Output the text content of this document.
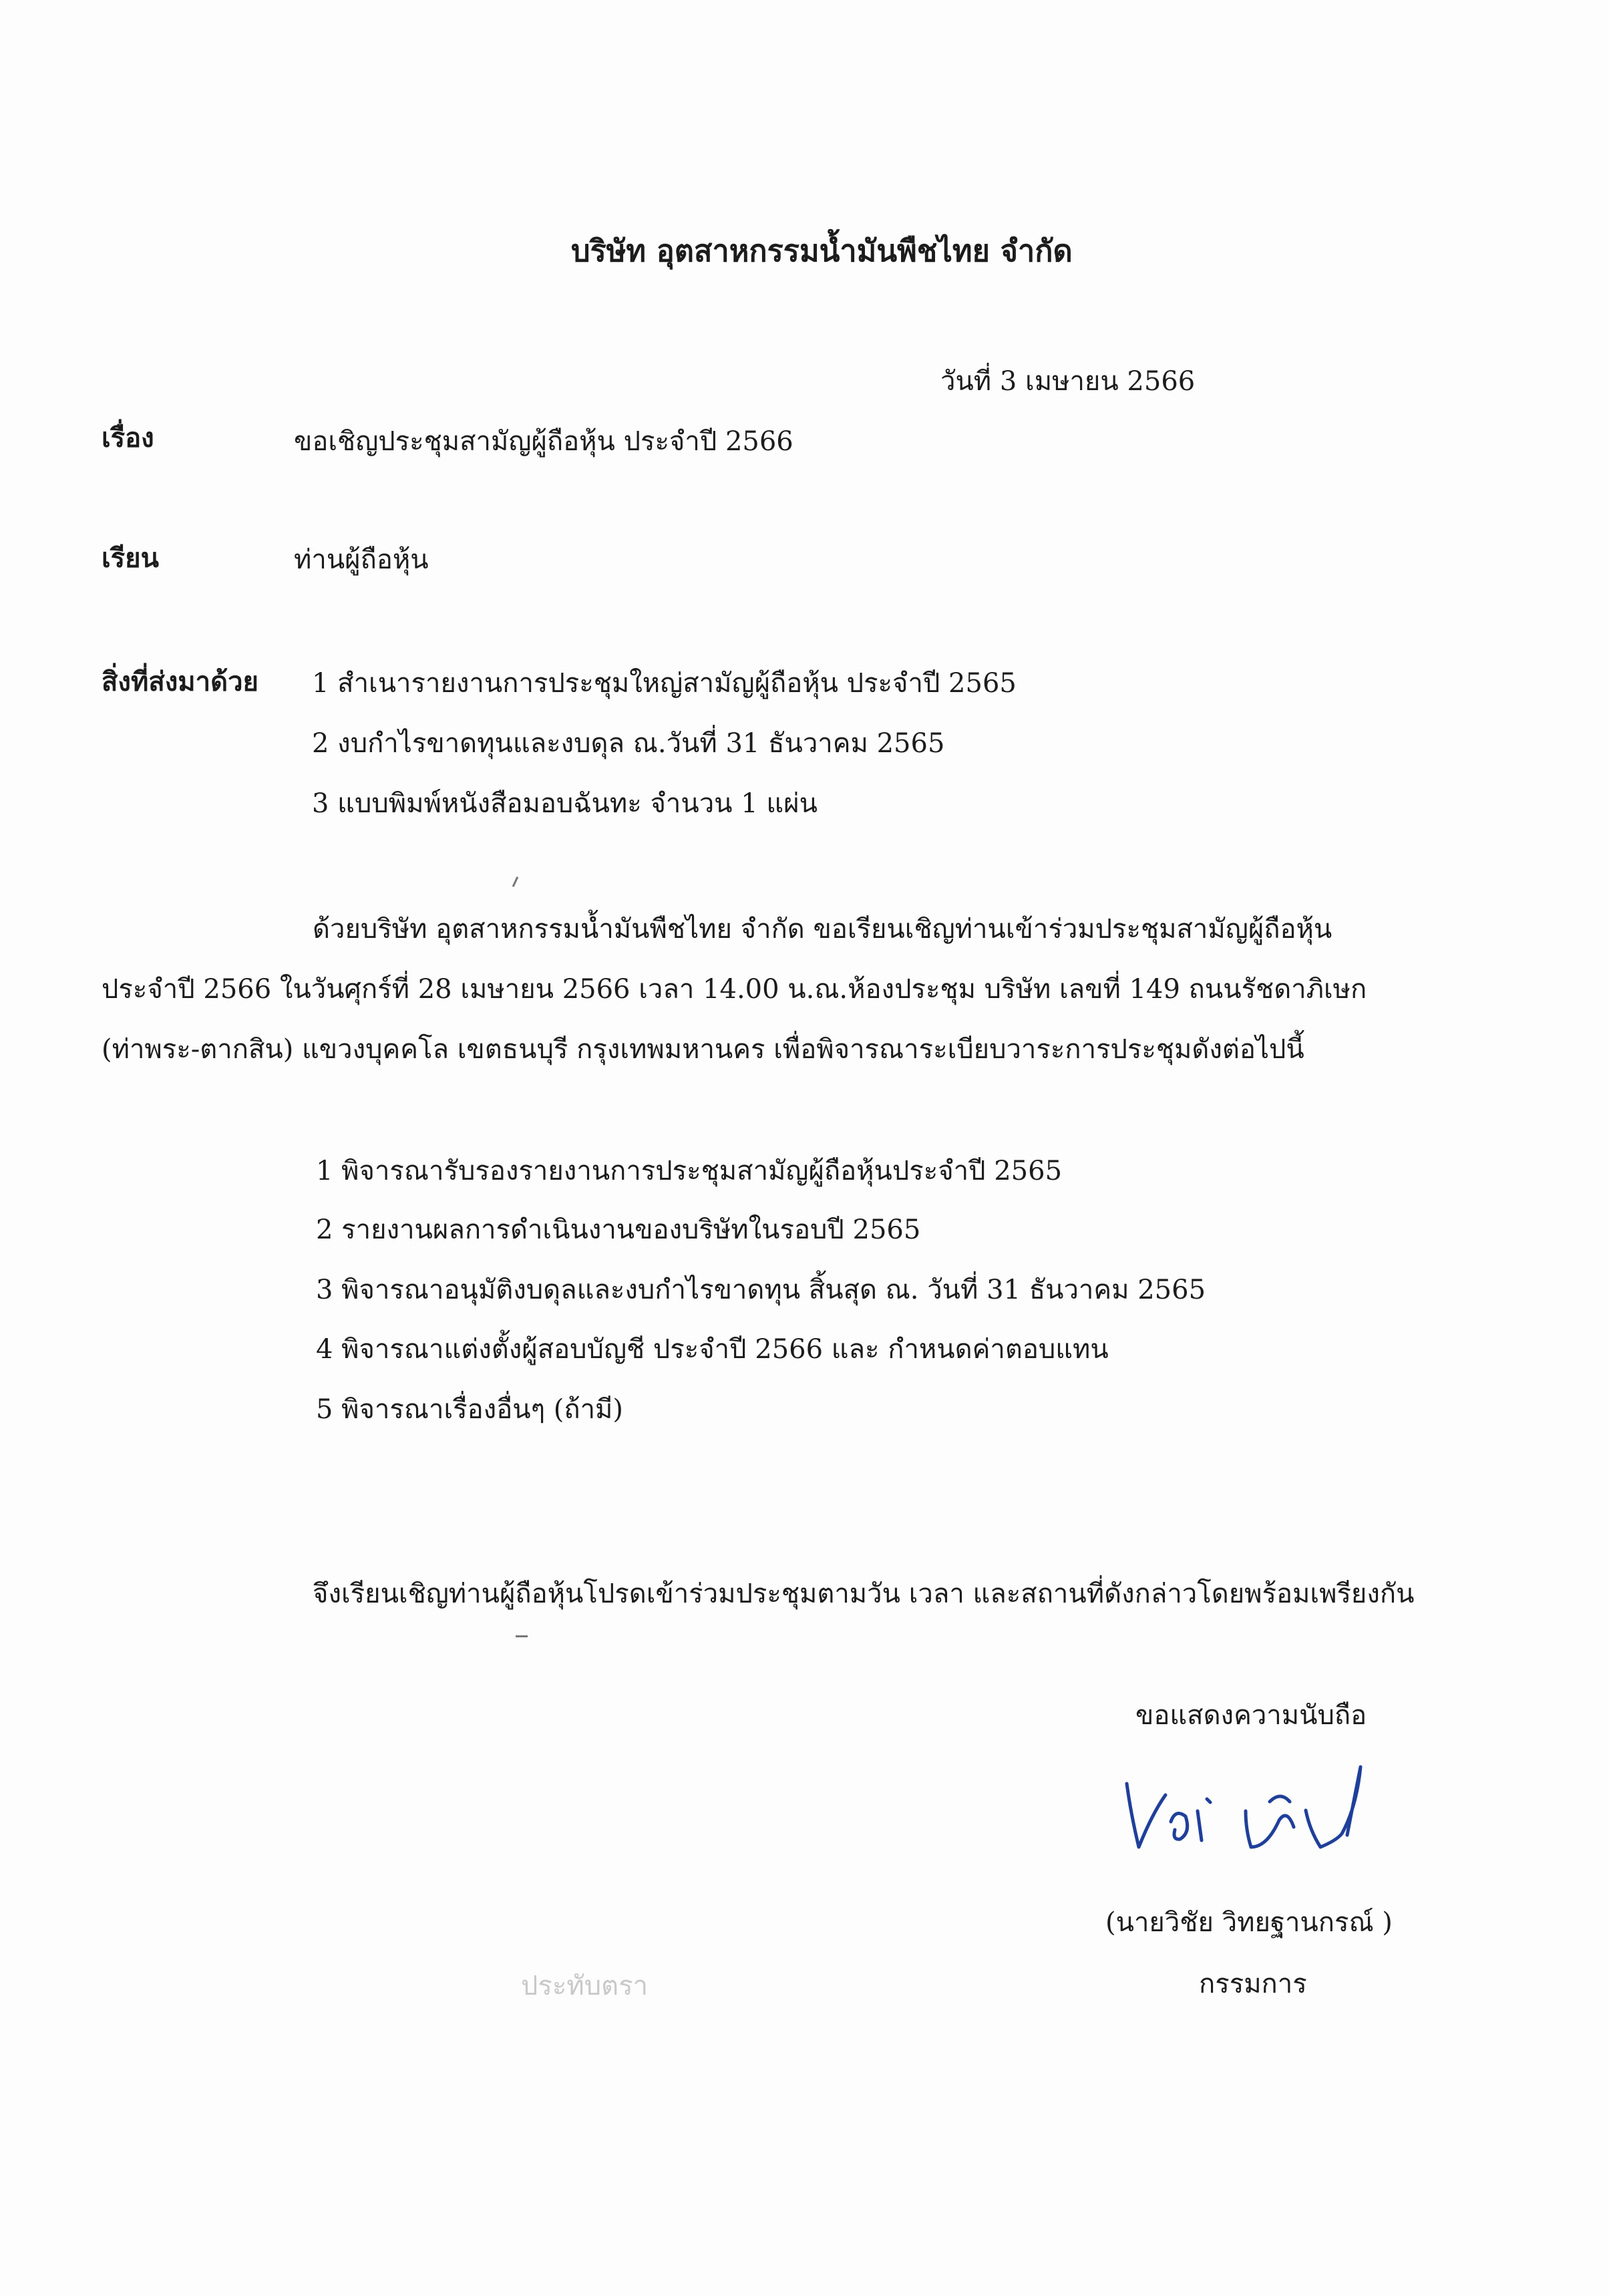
บริษัท อุตสาหกรรมน้ำมันพืชไทย จำกัด
วันที่ 3 เมษายน 2566
เรื่อง	ขอเชิญประชุมสามัญผู้ถือหุ้น ประจำปี 2566
เรียน	ท่านผู้ถือหุ้น
สิ่งที่ส่งมาด้วย 1 สำเนารายงานการประชุมใหญ่สามัญผู้ถือหุ้น ประจำปี 2565
2 งบกำไรขาดทุนและงบดุล ณ.วันที่ 31 ธันวาคม 2565
3 แบบพิมพ์หนังสือมอบฉันทะ จำนวน 1 แผ่น
ด้วยบริษัท อุตสาหกรรมน้ำมันพืชไทย จำกัด ขอเรียนเชิญท่านเข้าร่วมประชุมสามัญผู้ถือหุ้น
ประจำปี 2566 ในวันศุกร์ที่ 28 เมษายน 2566 เวลา 14.00 น.ณ.ห้องประชุม บริษัท เลขที่ 149 ถนนรัชดาภิเษก
(ท่าพระ-ตากสิน) แขวงบุคคโล เขตธนบุรี กรุงเทพมหานคร เพื่อพิจารณาระเบียบวาระการประชุมดังต่อไปนี้
1 พิจารณารับรองรายงานการประชุมสามัญผู้ถือหุ้นประจำปี 2565
2 รายงานผลการดำเนินงานของบริษัทในรอบปี 2565
3 พิจารณาอนุมัติงบดุลและงบกำไรขาดทุน สิ้นสุด ณ. วันที่ 31 ธันวาคม 2565
4 พิจารณาแต่งตั้งผู้สอบบัญชี ประจำปี 2566 และ กำหนดค่าตอบแทน
5 พิจารณาเรื่องอื่นๆ (ถ้ามี)
จึงเรียนเชิญท่านผู้ถือหุ้นโปรดเข้าร่วมประชุมตามวัน เวลา และสถานที่ดังกล่าวโดยพร้อมเพรียงกัน
ขอแสดงความนับถือ
(นายวิชัย วิทยฐานกรณ์ )
กรรมการ
ประทับตรา
